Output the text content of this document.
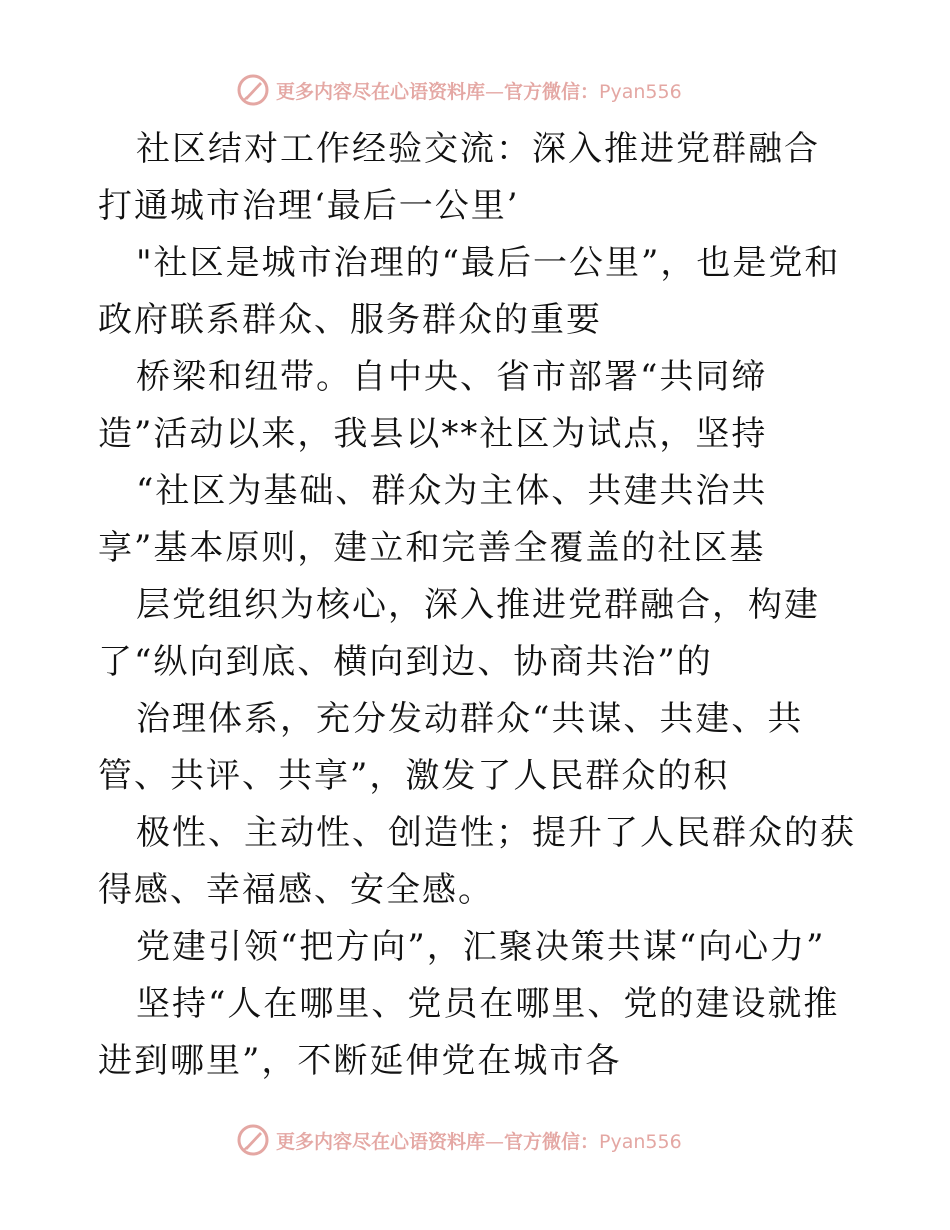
更多内容尽在心语资料库—官方微信：Pyan556

社区结对工作经验交流：深入推进党群融合 打通城市治理‘最后一公里’

"社区是城市治理的“最后一公里”，也是党和政府联系群众、服务群众的重要

桥梁和纽带。自中央、省市部署“共同缔造”活动以来，我县以**社区为试点，坚持

“社区为基础、群众为主体、共建共治共享”基本原则，建立和完善全覆盖的社区基

层党组织为核心，深入推进党群融合，构建了“纵向到底、横向到边、协商共治”的

治理体系，充分发动群众“共谋、共建、共管、共评、共享”，激发了人民群众的积

极性、主动性、创造性；提升了人民群众的获得感、幸福感、安全感。

党建引领“把方向”，汇聚决策共谋“向心力”

坚持“人在哪里、党员在哪里、党的建设就推进到哪里”，不断延伸党在城市各

更多内容尽在心语资料库—官方微信：Pyan556
